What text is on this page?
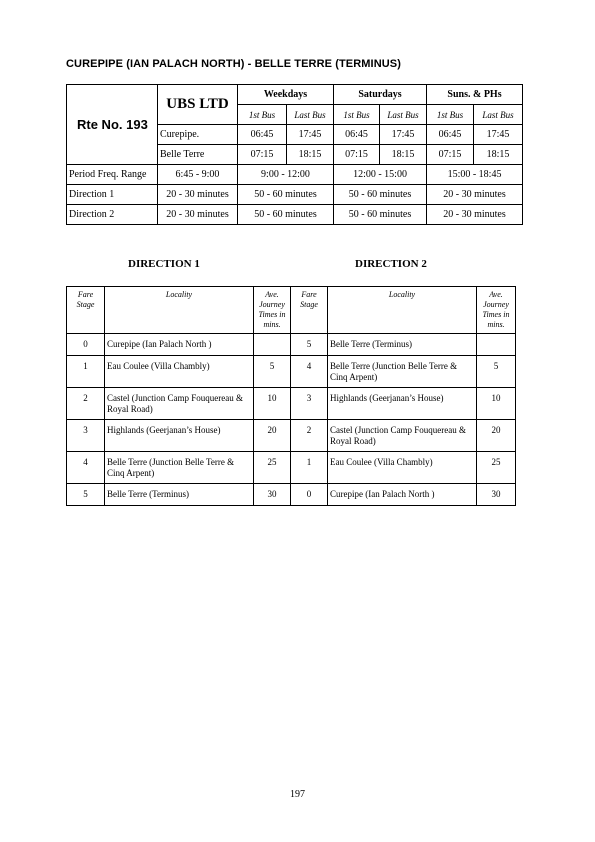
CUREPIPE (IAN PALACH NORTH) - BELLE TERRE (TERMINUS)
Rte No. 193	UBS LTD	Weekdays		Saturdays		Suns. & PHs	
		1st Bus	Last Bus	1st Bus	Last Bus	1st Bus	Last Bus
	Curepipe.	06:45	17:45	06:45	17:45	06:45	17:45
	Belle Terre	07:15	18:15	07:15	18:15	07:15	18:15
Period Freq. Range	6:45 - 9:00	9:00 - 12:00		12:00 - 15:00		15:00 - 18:45	
Direction 1	20 - 30 minutes	50 - 60 minutes		50 - 60 minutes		20 - 30 minutes	
Direction 2	20 - 30 minutes	50 - 60 minutes		50 - 60 minutes		20 - 30 minutes	
DIRECTION 1	DIRECTION 2
Fare Stage	Locality	Ave. Journey Times in mins.	Fare Stage	Locality	Ave. Journey Times in mins.
0	Curepipe (Ian Palach North )		5	Belle Terre (Terminus)	
1	Eau Coulee (Villa Chambly)	5	4	Belle Terre (Junction Belle Terre & Cinq Arpent)	5
2	Castel (Junction Camp Fouquereau & Royal Road)	10	3	Highlands (Geerjanan’s House)	10
3	Highlands (Geerjanan’s House)	20	2	Castel (Junction Camp Fouquereau & Royal Road)	20
4	Belle Terre (Junction Belle Terre & Cinq Arpent)	25	1	Eau Coulee (Villa Chambly)	25
5	Belle Terre (Terminus)	30	0	Curepipe (Ian Palach North )	30
197
